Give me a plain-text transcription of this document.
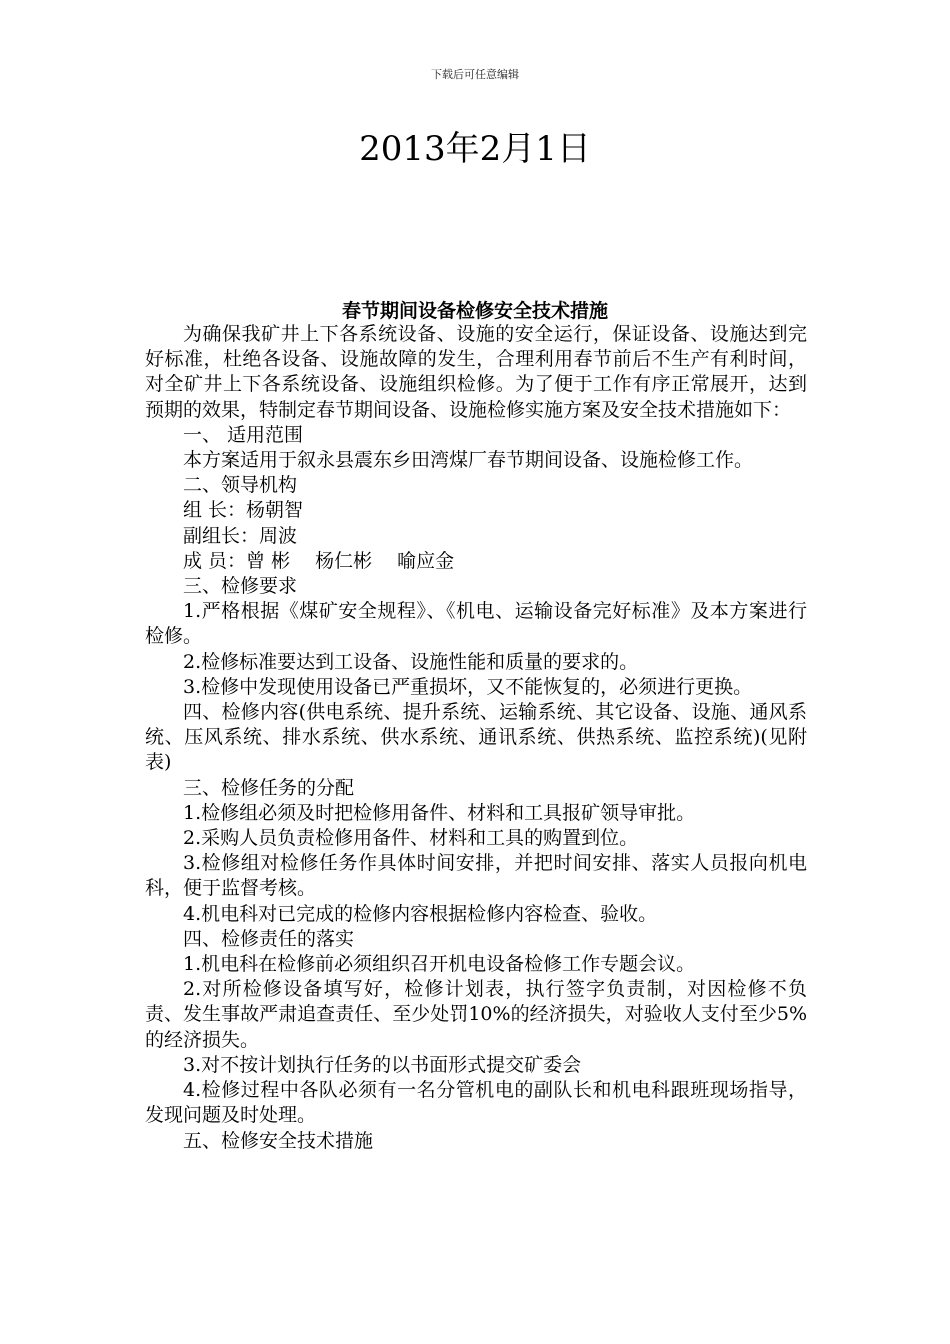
下载后可任意编辑
2013年2月1日
春节期间设备检修安全技术措施

为确保我矿井上下各系统设备、设施的安全运行，保证设备、设施达到完好标准，杜绝各设备、设施故障的发生，合理利用春节前后不生产有利时间，对全矿井上下各系统设备、设施组织检修。为了便于工作有序正常展开，达到预期的效果，特制定春节期间设备、设施检修实施方案及安全技术措施如下：

一、 适用范围

本方案适用于叙永县震东乡田湾煤厂春节期间设备、设施检修工作。

二、领导机构

组 长：杨朝智

副组长：周波

成 员：曾 彬　 杨仁彬　 喻应金

三、检修要求

1.严格根据《煤矿安全规程》、《机电、运输设备完好标准》及本方案进行检修。

2.检修标准要达到工设备、设施性能和质量的要求的。

3.检修中发现使用设备已严重损坏，又不能恢复的，必须进行更换。

四、检修内容(供电系统、提升系统、运输系统、其它设备、设施、通风系统、压风系统、排水系统、供水系统、通讯系统、供热系统、监控系统)(见附表)

三、检修任务的分配

1.检修组必须及时把检修用备件、材料和工具报矿领导审批。

2.采购人员负责检修用备件、材料和工具的购置到位。

3.检修组对检修任务作具体时间安排，并把时间安排、落实人员报向机电科，便于监督考核。

4.机电科对已完成的检修内容根据检修内容检查、验收。

四、检修责任的落实

1.机电科在检修前必须组织召开机电设备检修工作专题会议。

2.对所检修设备填写好，检修计划表，执行签字负责制，对因检修不负责、发生事故严肃追查责任、至少处罚10%的经济损失，对验收人支付至少5%的经济损失。

3.对不按计划执行任务的以书面形式提交矿委会

4.检修过程中各队必须有一名分管机电的副队长和机电科跟班现场指导，发现问题及时处理。

五、检修安全技术措施
